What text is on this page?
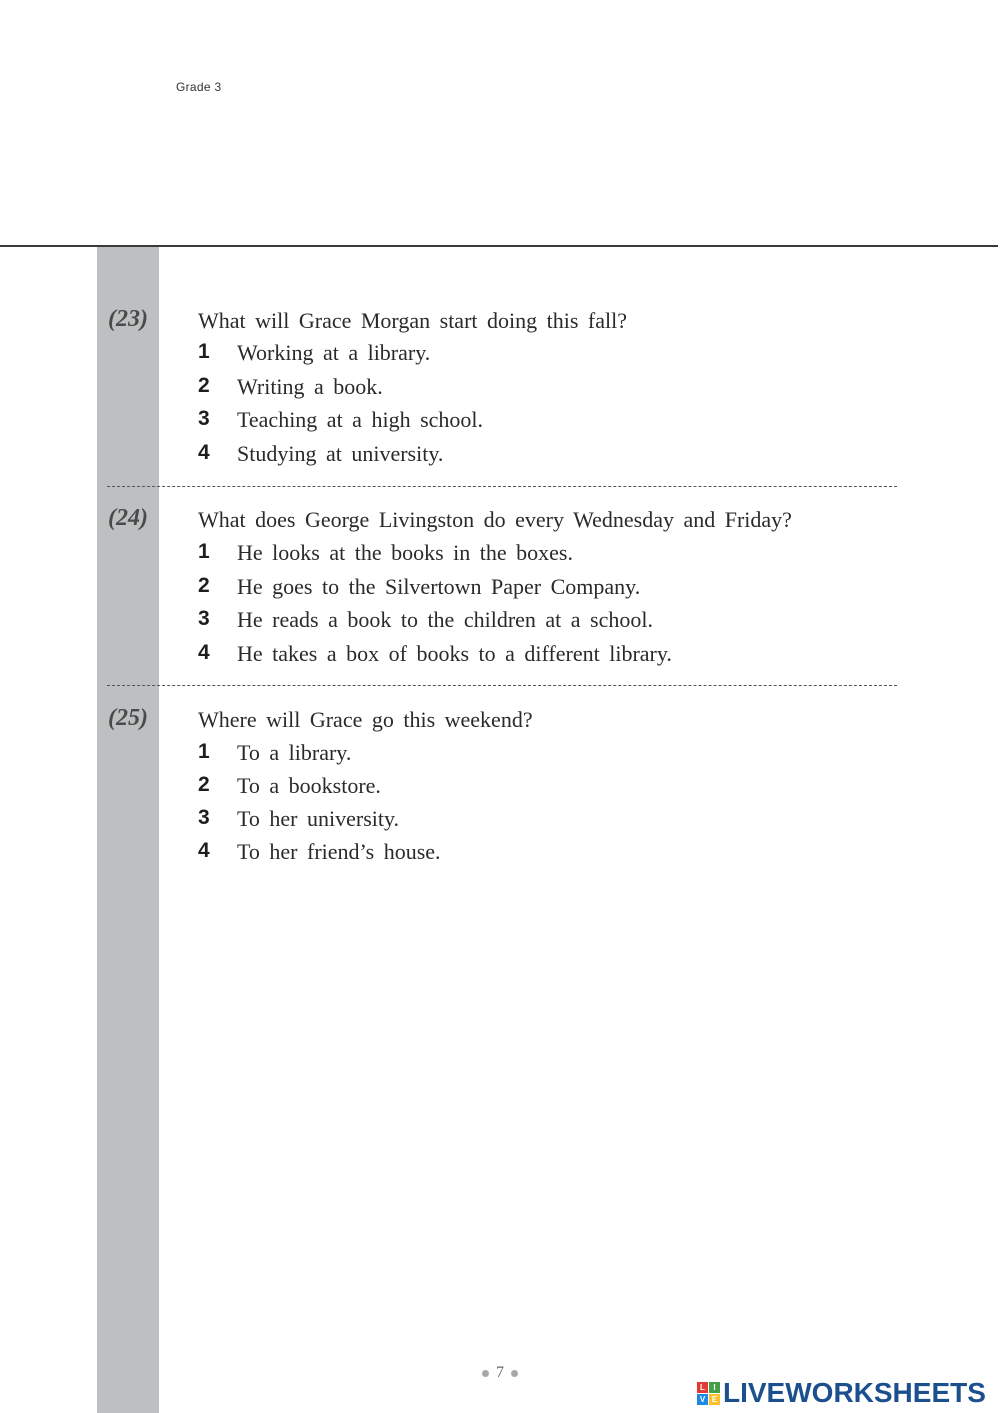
Grade 3
(23) What will Grace Morgan start doing this fall?
1 Working at a library.
2 Writing a book.
3 Teaching at a high school.
4 Studying at university.
(24) What does George Livingston do every Wednesday and Friday?
1 He looks at the books in the boxes.
2 He goes to the Silvertown Paper Company.
3 He reads a book to the children at a school.
4 He takes a box of books to a different library.
(25) Where will Grace go this weekend?
1 To a library.
2 To a bookstore.
3 To her university.
4 To her friend’s house.
7
L	I
V E LIVEWORKSHEETS
